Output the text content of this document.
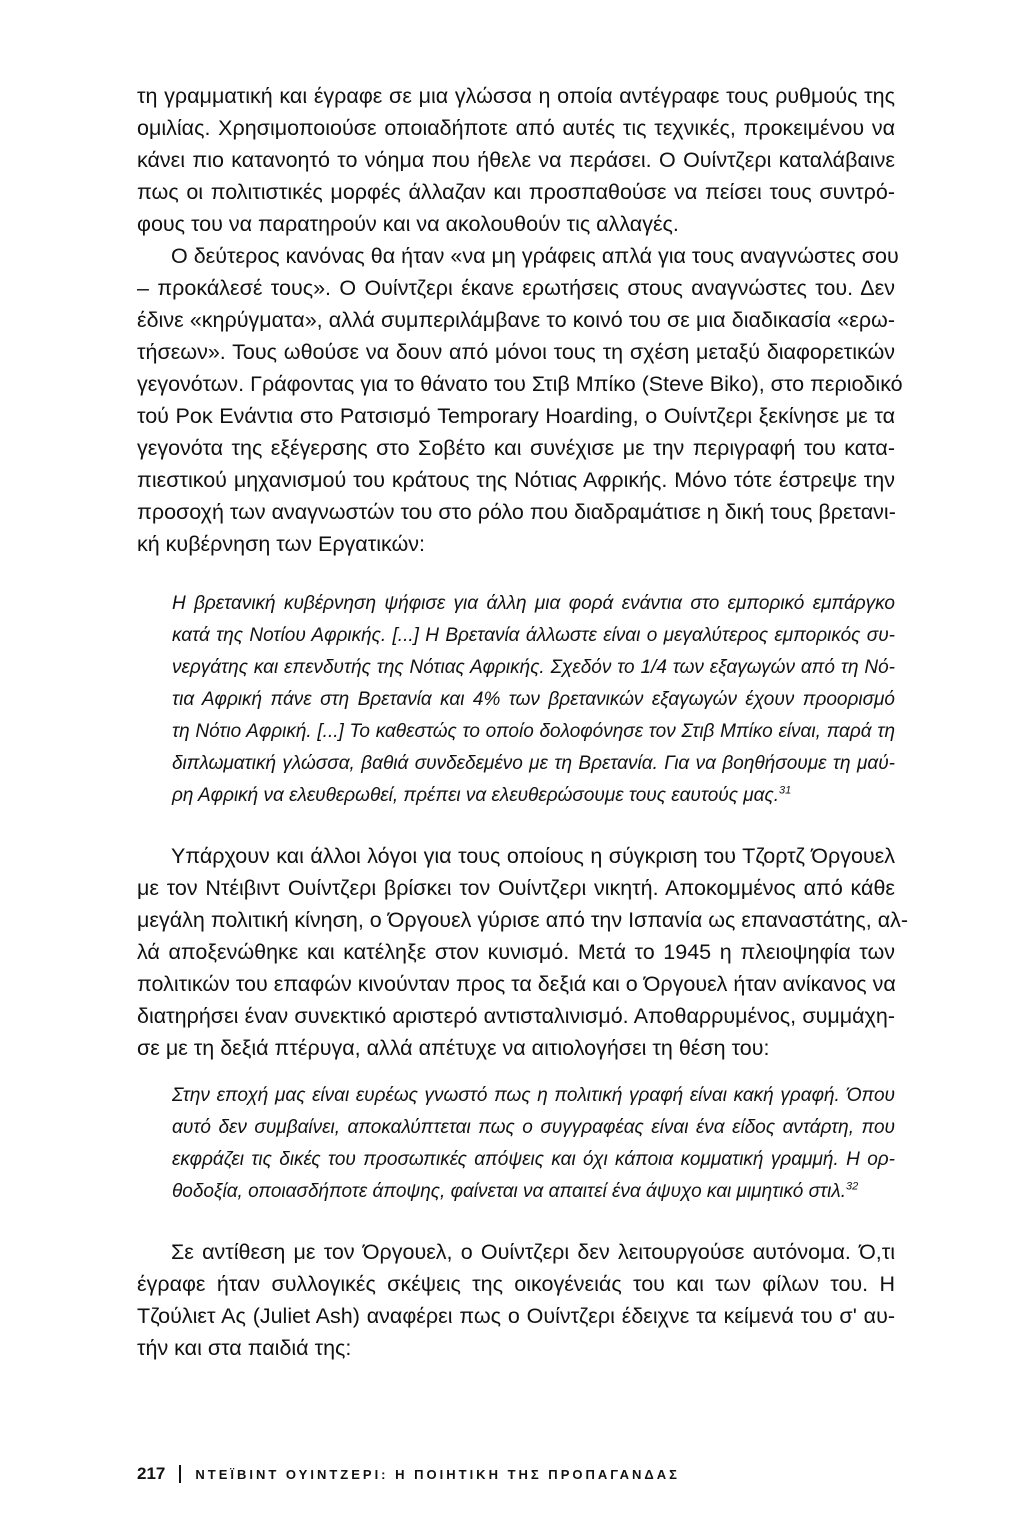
τη γραμματική και έγραφε σε μια γλώσσα η οποία αντέγραφε τους ρυθμούς της
ομιλίας. Χρησιμοποιούσε οποιαδήποτε από αυτές τις τεχνικές, προκειμένου να
κάνει πιο κατανοητό το νόημα που ήθελε να περάσει. Ο Ουίντζερι καταλάβαινε
πως οι πολιτιστικές μορφές άλλαζαν και προσπαθούσε να πείσει τους συντρό-
φους του να παρατηρούν και να ακολουθούν τις αλλαγές.
Ο δεύτερος κανόνας θα ήταν «να μη γράφεις απλά για τους αναγνώστες σου
– προκάλεσέ τους». Ο Ουίντζερι έκανε ερωτήσεις στους αναγνώστες του. Δεν
έδινε «κηρύγματα», αλλά συμπεριλάμβανε το κοινό του σε μια διαδικασία «ερω-
τήσεων». Τους ωθούσε να δουν από μόνοι τους τη σχέση μεταξύ διαφορετικών
γεγονότων. Γράφοντας για το θάνατο του Στιβ Μπίκο (Steve Biko), στο περιοδικό
τού Ροκ Ενάντια στο Ρατσισμό Temporary Hoarding, ο Ουίντζερι ξεκίνησε με τα
γεγονότα της εξέγερσης στο Σοβέτο και συνέχισε με την περιγραφή του κατα-
πιεστικού μηχανισμού του κράτους της Νότιας Αφρικής. Μόνο τότε έστρεψε την
προσοχή των αναγνωστών του στο ρόλο που διαδραμάτισε η δική τους βρετανι-
κή κυβέρνηση των Εργατικών:
Η βρετανική κυβέρνηση ψήφισε για άλλη μια φορά ενάντια στο εμπορικό εμπάργκο
κατά της Νοτίου Αφρικής. [...] Η Βρετανία άλλωστε είναι ο μεγαλύτερος εμπορικός συ-
νεργάτης και επενδυτής της Νότιας Αφρικής. Σχεδόν το 1/4 των εξαγωγών από τη Νό-
τια Αφρική πάνε στη Βρετανία και 4% των βρετανικών εξαγωγών έχουν προορισμό
τη Νότιο Αφρική. [...] Το καθεστώς το οποίο δολοφόνησε τον Στιβ Μπίκο είναι, παρά τη
διπλωματική γλώσσα, βαθιά συνδεδεμένο με τη Βρετανία. Για να βοηθήσουμε τη μαύ-
ρη Αφρική να ελευθερωθεί, πρέπει να ελευθερώσουμε τους εαυτούς μας.$^{31}$
Υπάρχουν και άλλοι λόγοι για τους οποίους η σύγκριση του Τζορτζ Όργουελ
με τον Ντέιβιντ Ουίντζερι βρίσκει τον Ουίντζερι νικητή. Αποκομμένος από κάθε
μεγάλη πολιτική κίνηση, ο Όργουελ γύρισε από την Ισπανία ως επαναστάτης, αλ-
λά αποξενώθηκε και κατέληξε στον κυνισμό. Μετά το 1945 η πλειοψηφία των
πολιτικών του επαφών κινούνταν προς τα δεξιά και ο Όργουελ ήταν ανίκανος να
διατηρήσει έναν συνεκτικό αριστερό αντισταλινισμό. Αποθαρρυμένος, συμμάχη-
σε με τη δεξιά πτέρυγα, αλλά απέτυχε να αιτιολογήσει τη θέση του:
Στην εποχή μας είναι ευρέως γνωστό πως η πολιτική γραφή είναι κακή γραφή. Όπου
αυτό δεν συμβαίνει, αποκαλύπτεται πως ο συγγραφέας είναι ένα είδος αντάρτη, που
εκφράζει τις δικές του προσωπικές απόψεις και όχι κάποια κομματική γραμμή. Η ορ-
θοδοξία, οποιασδήποτε άποψης, φαίνεται να απαιτεί ένα άψυχο και μιμητικό στιλ.$^{32}$
Σε αντίθεση με τον Όργουελ, ο Ουίντζερι δεν λειτουργούσε αυτόνομα. Ό,τι
έγραφε ήταν συλλογικές σκέψεις της οικογένειάς του και των φίλων του. Η
Τζούλιετ Ας (Juliet Ash) αναφέρει πως ο Ουίντζερι έδειχνε τα κείμενά του σ' αυ-
τήν και στα παιδιά της:
217 ΝΤΕΪΒΙΝΤ ΟΥΙΝΤΖΕΡΙ: Η ΠΟΙΗΤΙΚΗ ΤΗΣ ΠΡΟΠΑΓΑΝΔΑΣ
